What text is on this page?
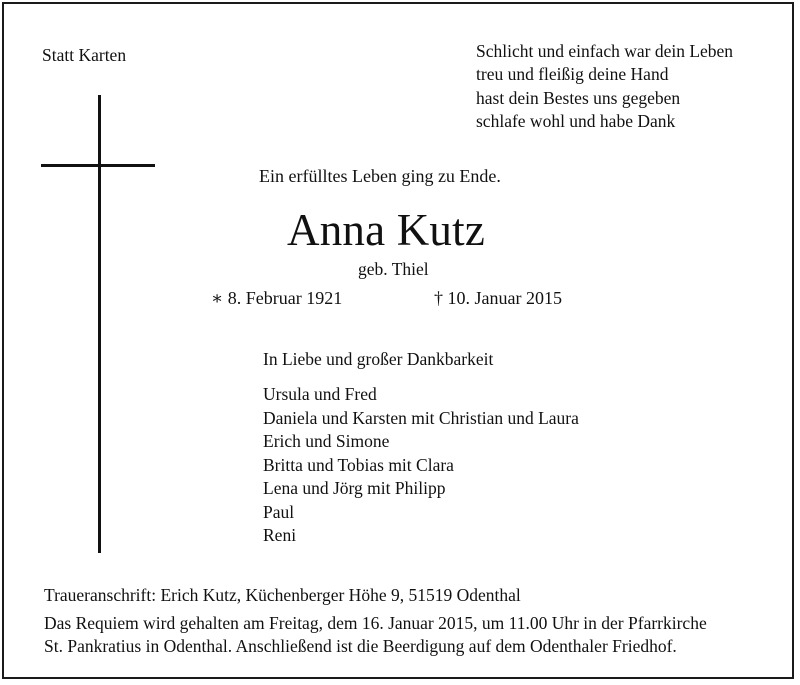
Statt Karten	Schlicht und einfach war dein Leben
treu und fleißig deine Hand
hast dein Bestes uns gegeben
schlafe wohl und habe Dank
Ein erfülltes Leben ging zu Ende.
Anna Kutz
geb. Thiel
∗ 8. Februar 1921	† 10. Januar 2015
In Liebe und großer Dankbarkeit
Ursula und Fred
Daniela und Karsten mit Christian und Laura
Erich und Simone
Britta und Tobias mit Clara
Lena und Jörg mit Philipp
Paul
Reni
Traueranschrift: Erich Kutz, Küchenberger Höhe 9, 51519 Odenthal
Das Requiem wird gehalten am Freitag, dem 16. Januar 2015, um 11.00 Uhr in der Pfarrkirche
St. Pankratius in Odenthal. Anschließend ist die Beerdigung auf dem Odenthaler Friedhof.
